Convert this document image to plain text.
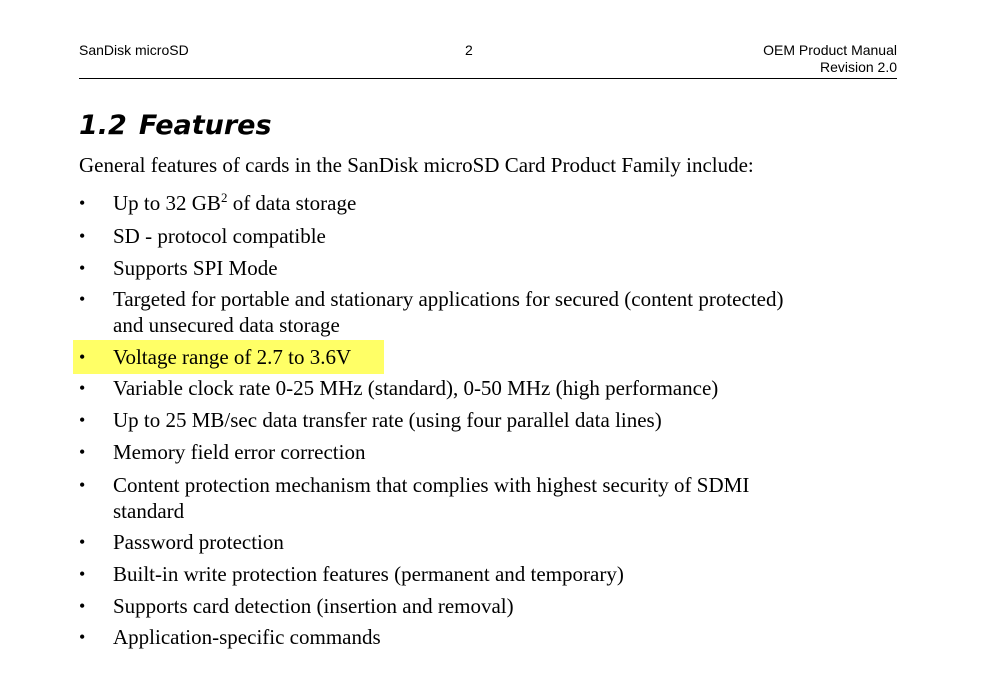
SanDisk microSD	2	OEM Product Manual
Revision 2.0
1.2 Features

General features of cards in the SanDisk microSD Card Product Family include:

• Up to 32 $GB^2$ of data storage
• SD - protocol compatible
• Supports SPI Mode
• Targeted for portable and stationary applications for secured (content protected)
and unsecured data storage
• Voltage range of 2.7 to 3.6V
• Variable clock rate 0-25 MHz (standard), 0-50 MHz (high performance)
• Up to 25 MB/sec data transfer rate (using four parallel data lines)
• Memory field error correction
• Content protection mechanism that complies with highest security of SDMI
standard
• Password protection
• Built-in write protection features (permanent and temporary)
• Supports card detection (insertion and removal)
• Application-specific commands
